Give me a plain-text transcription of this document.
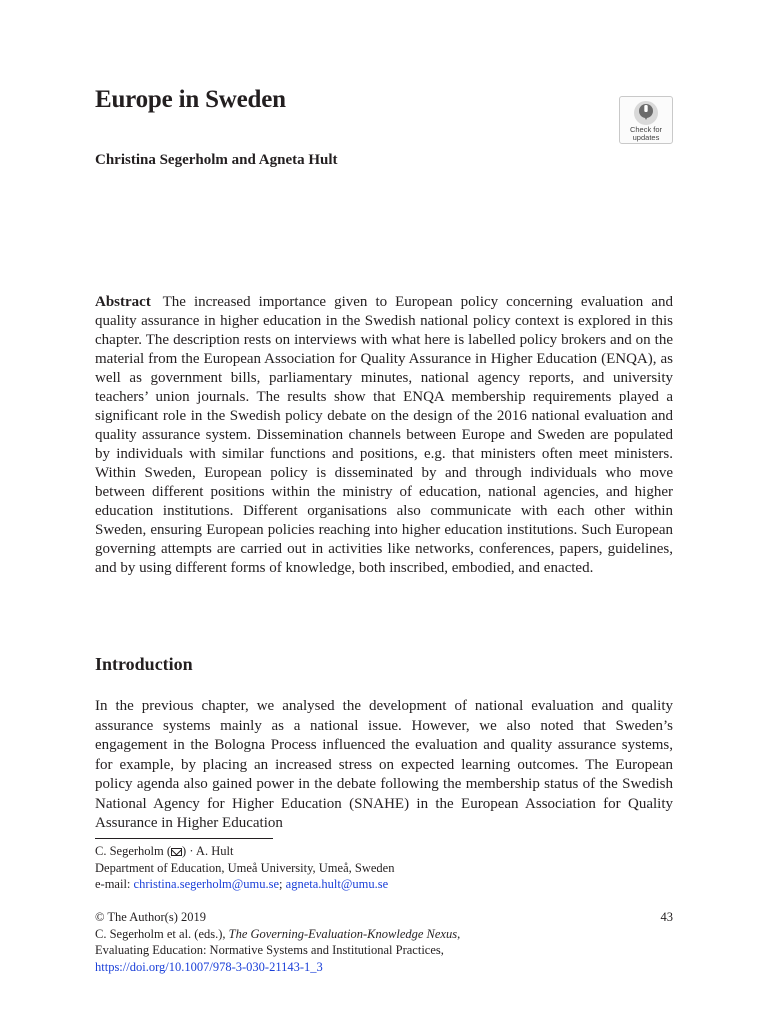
Europe in Sweden
Check for
updates
Christina Segerholm and Agneta Hult

Abstract The increased importance given to European policy concerning evaluation and quality assurance in higher education in the Swedish national policy context is explored in this chapter. The description rests on interviews with what here is labelled policy brokers and on the material from the European Association for Quality Assurance in Higher Education (ENQA), as well as government bills, parliamentary minutes, national agency reports, and university teachers’ union journals. The results show that ENQA membership requirements played a significant role in the Swedish policy debate on the design of the 2016 national evaluation and quality assurance system. Dissemination channels between Europe and Sweden are populated by individuals with similar functions and positions, e.g. that ministers often meet ministers. Within Sweden, European policy is disseminated by and through individuals who move between different positions within the ministry of education, national agencies, and higher education institutions. Different organisations also communicate with each other within Sweden, ensuring European policies reaching into higher education institutions. Such European governing attempts are carried out in activities like networks, conferences, papers, guidelines, and by using different forms of knowledge, both inscribed, embodied, and enacted.

Introduction

In the previous chapter, we analysed the development of national evaluation and quality assurance systems mainly as a national issue. However, we also noted that Sweden’s engagement in the Bologna Process influenced the evaluation and quality assurance systems, for example, by placing an increased stress on expected learning outcomes. The European policy agenda also gained power in the debate following the membership status of the Swedish National Agency for Higher Education (SNAHE) in the European Association for Quality Assurance in Higher Education

C. Segerholm ( ) · A. Hult
Department of Education, Umeå University, Umeå, Sweden
e-mail: christina.segerholm@umu.se; agneta.hult@umu.se
© The Author(s) 2019
C. Segerholm et al. (eds.), The Governing-Evaluation-Knowledge Nexus,
Evaluating Education: Normative Systems and Institutional Practices,
https://doi.org/10.1007/978-3-030-21143-1_3
43
